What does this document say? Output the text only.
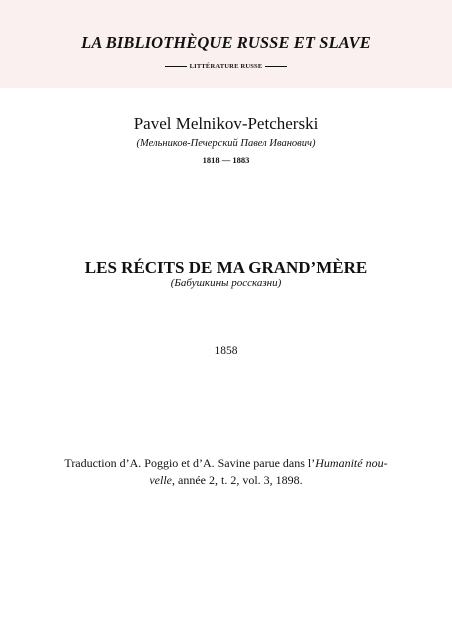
LA BIBLIOTHÈQUE RUSSE ET SLAVE
LITTÉRATURE RUSSE
Pavel Melnikov-Petcherski
(Мельников-Печерский Павел Иванович)
1818 — 1883
LES RÉCITS DE MA GRAND’MÈRE
(Бабушкины россказни)
1858
Traduction d’A. Poggio et d’A. Savine parue dans l’Humanité nou-
velle, année 2, t. 2, vol. 3, 1898.
